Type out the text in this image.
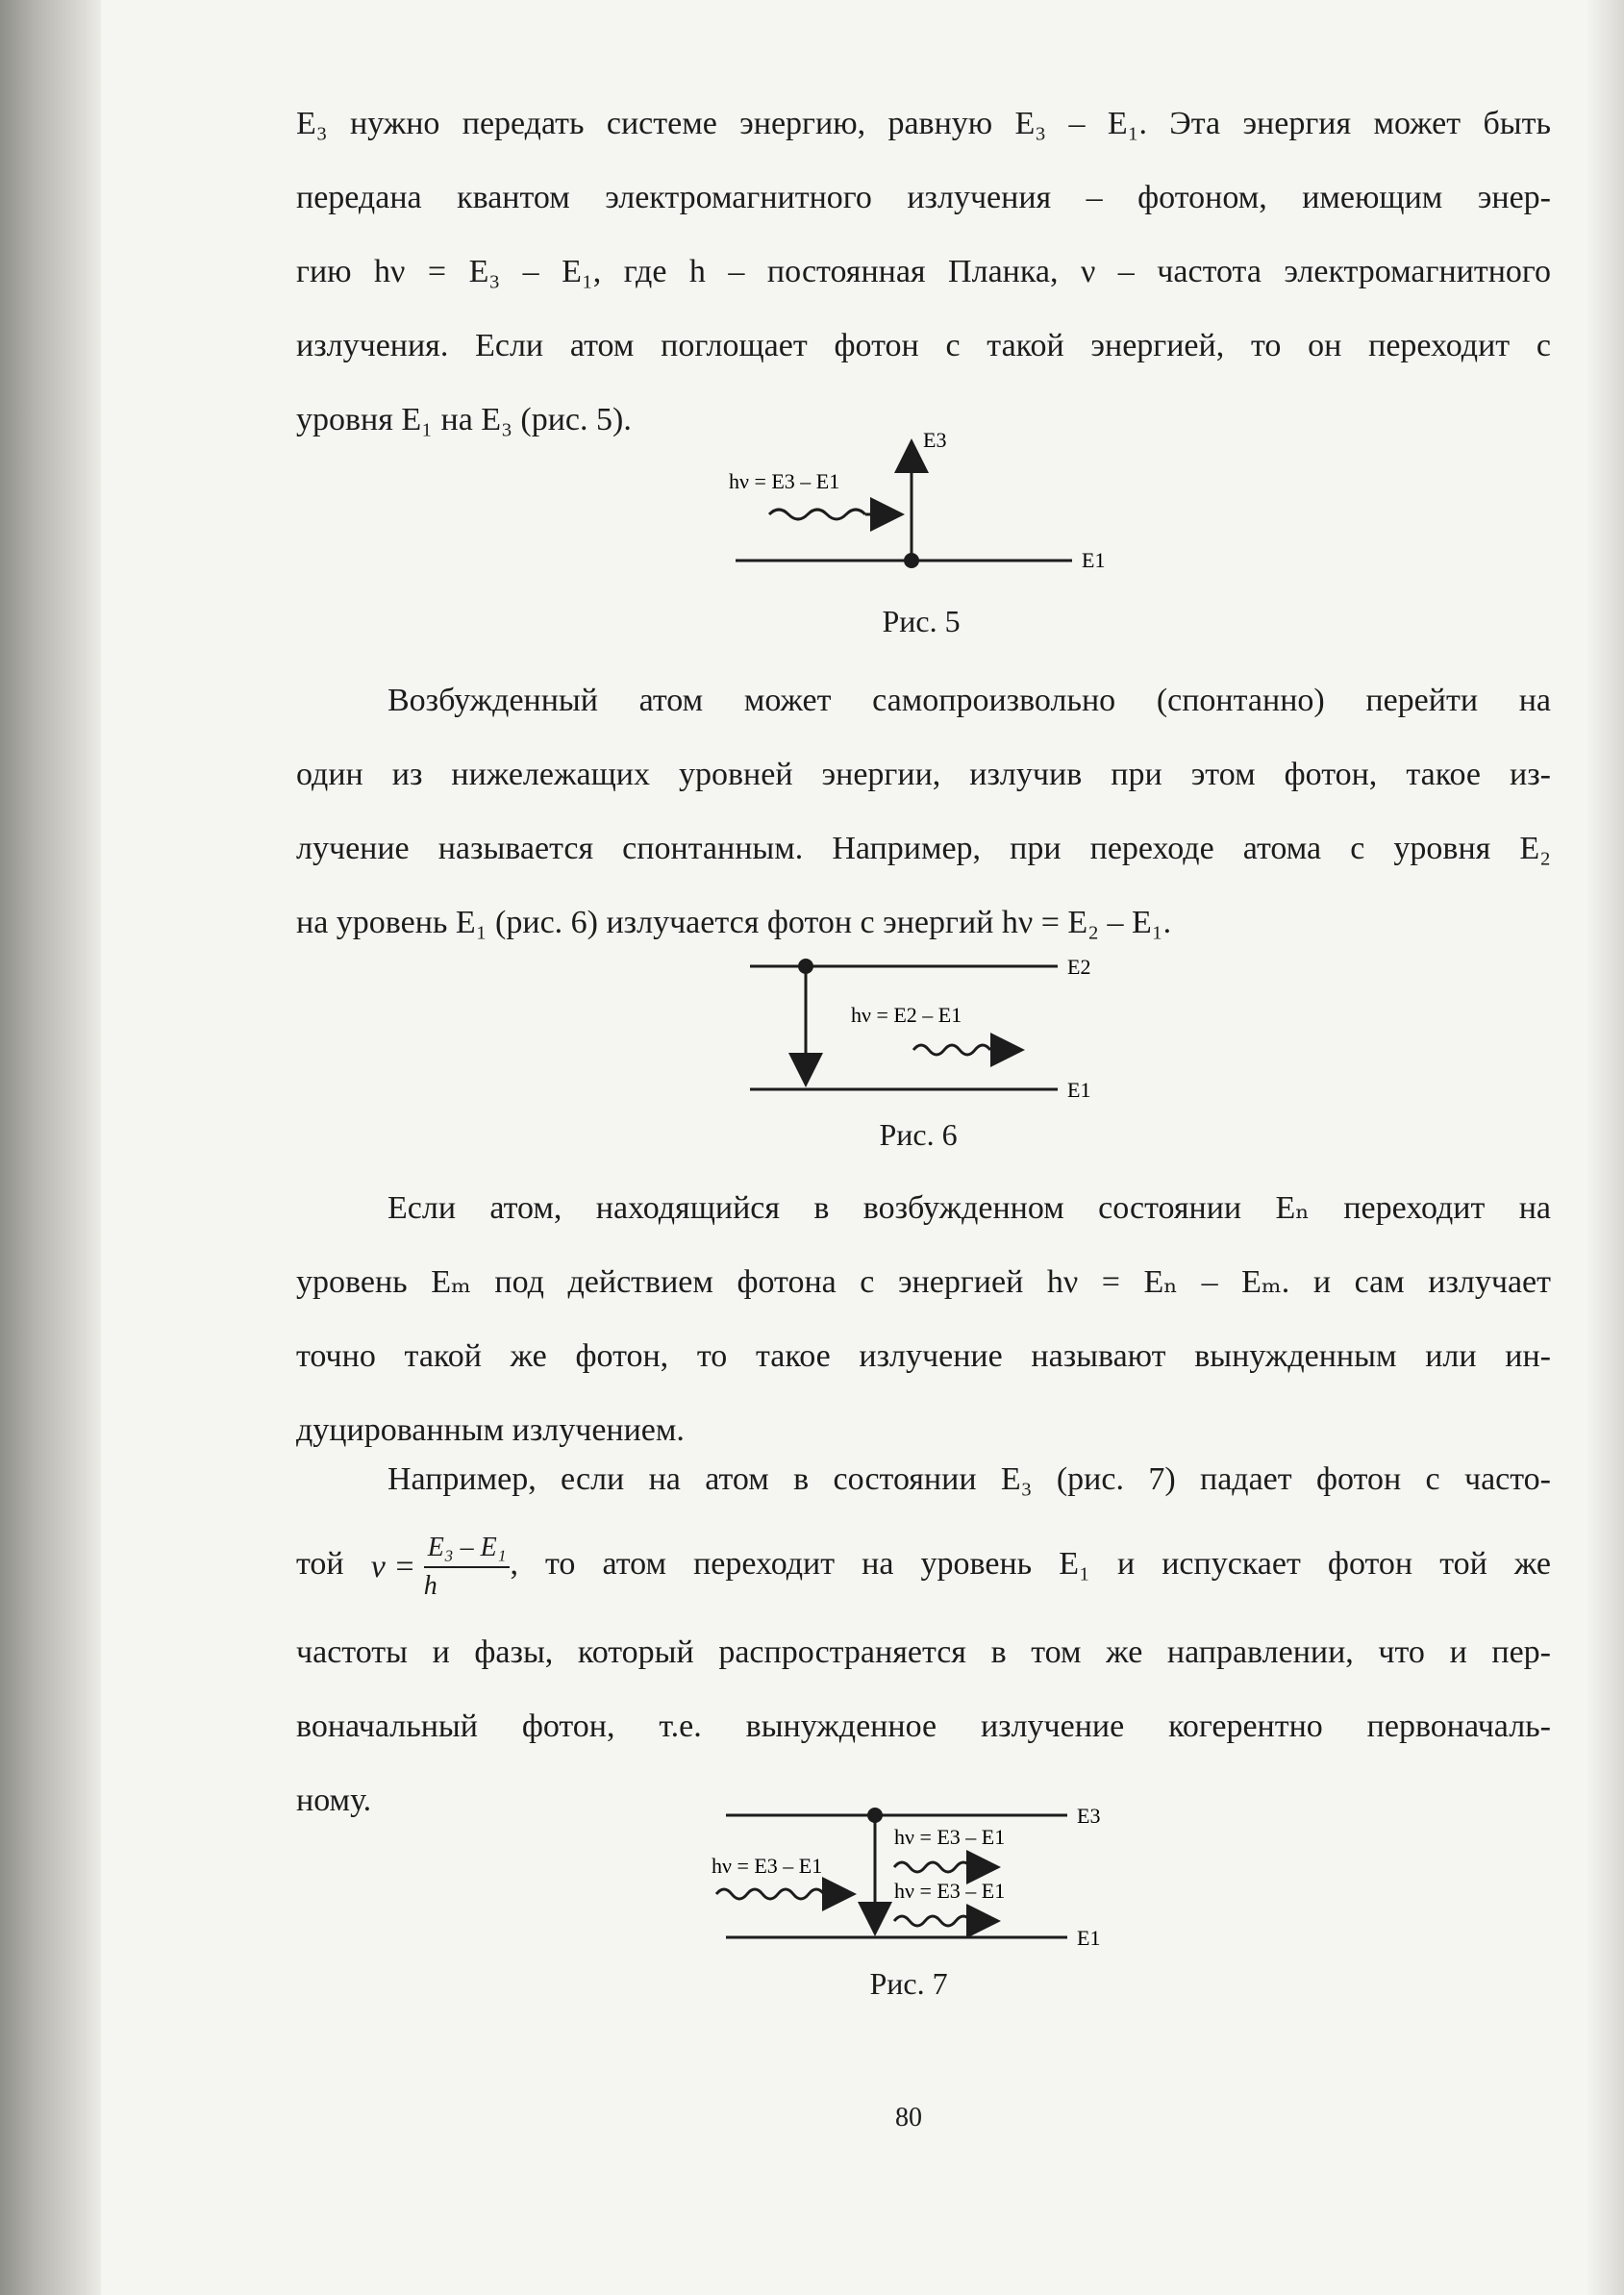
E₃ нужно передать системе энергию, равную E₃ – E₁. Эта энергия может быть
передана квантом электромагнитного излучения – фотоном, имеющим энер-
гию hν = E₃ – E₁, где h – постоянная Планка, ν – частота электромагнитного
излучения. Если атом поглощает фотон с такой энергией, то он переходит с
уровня E₁ на E₃ (рис. 5).

hν = E3 – E1
E3
E1
Рис. 5

Возбужденный атом может самопроизвольно (спонтанно) перейти на
один из нижележащих уровней энергии, излучив при этом фотон, такое из-
лучение называется спонтанным. Например, при переходе атома с уровня E₂
на уровень E₁ (рис. 6) излучается фотон с энергий hν = E₂ – E₁.

hν = E2 – E1
E2
E1
Рис. 6

Если атом, находящийся в возбужденном состоянии Eₙ переходит на
уровень Eₘ под действием фотона с энергией hν = Eₙ – Eₘ. и сам излучает
точно такой же фотон, то такое излучение называют вынужденным или ин-
дуцированным излучением.

Например, если на атом в состоянии E₃ (рис. 7) падает фотон с часто-
той $\nu = \frac{\text{E₃ – E₁}}{h}$ , то атом переходит на уровень E₁ и испускает фотон той же
частоты и фазы, который распространяется в том же направлении, что и пер-
воначальный фотон, т.е. вынужденное излучение когерентно первоначаль-
ному.
hν = E3 – E1
hν = E3 – E1
hν = E3 – E1
E3
E1
Рис. 7
80
